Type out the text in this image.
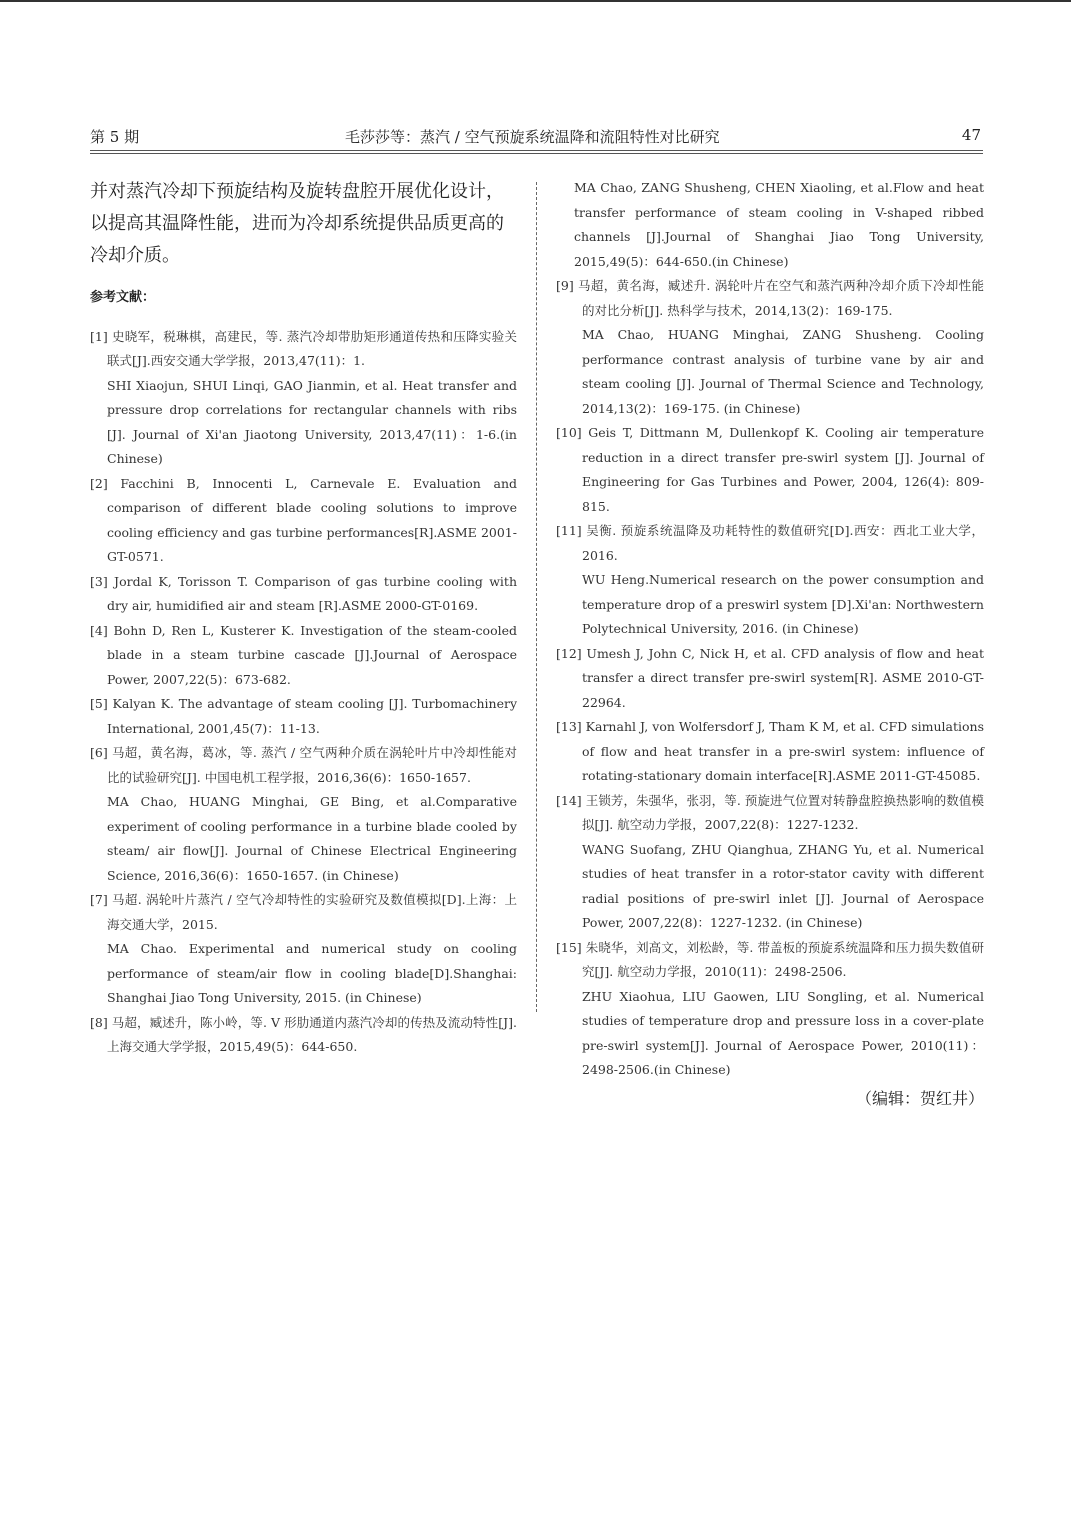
第 5 期	毛莎莎等：蒸汽 / 空气预旋系统温降和流阻特性对比研究	47

并对蒸汽冷却下预旋结构及旋转盘腔开展优化设计，以提高其温降性能，进而为冷却系统提供品质更高的冷却介质。

参考文献：

[1] 史晓军，税琳棋，高建民，等. 蒸汽冷却带肋矩形通道传热和压降实验关联式[J].西安交通大学学报，2013,47(11)：1.

SHI Xiaojun, SHUI Linqi, GAO Jianmin, et al. Heat transfer and pressure drop correlations for rectangular channels with ribs [J]. Journal of Xi'an Jiaotong University, 2013,47(11)：1-6.(in Chinese)

[2] Facchini B, Innocenti L, Carnevale E. Evaluation and comparison of different blade cooling solutions to improve cooling efficiency and gas turbine performances[R].ASME 2001-GT-0571.

[3] Jordal K, Torisson T. Comparison of gas turbine cooling with dry air, humidified air and steam [R].ASME 2000-GT-0169.

[4] Bohn D, Ren L, Kusterer K. Investigation of the steam-cooled blade in a steam turbine cascade [J].Journal of Aerospace Power, 2007,22(5)：673-682.

[5] Kalyan K. The advantage of steam cooling [J]. Turbomachinery International, 2001,45(7)：11-13.

[6] 马超，黄名海，葛冰，等. 蒸汽 / 空气两种介质在涡轮叶片中冷却性能对比的试验研究[J]. 中国电机工程学报，2016,36(6)：1650-1657.

MA Chao, HUANG Minghai, GE Bing, et al.Comparative experiment of cooling performance in a turbine blade cooled by steam/ air flow[J]. Journal of Chinese Electrical Engineering Science, 2016,36(6)：1650-1657. (in Chinese)

[7] 马超. 涡轮叶片蒸汽 / 空气冷却特性的实验研究及数值模拟[D].上海：上海交通大学，2015.

MA Chao. Experimental and numerical study on cooling performance of steam/air flow in cooling blade[D].Shanghai: Shanghai Jiao Tong University, 2015. (in Chinese)

[8] 马超，臧述升，陈小岭，等. V 形肋通道内蒸汽冷却的传热及流动特性[J]. 上海交通大学学报，2015,49(5)：644-650.

MA Chao, ZANG Shusheng, CHEN Xiaoling, et al.Flow and heat transfer performance of steam cooling in V-shaped ribbed channels [J].Journal of Shanghai Jiao Tong University, 2015,49(5)：644-650.(in Chinese)

[9] 马超，黄名海，臧述升. 涡轮叶片在空气和蒸汽两种冷却介质下冷却性能的对比分析[J]. 热科学与技术，2014,13(2)：169-175.

MA Chao, HUANG Minghai, ZANG Shusheng. Cooling performance contrast analysis of turbine vane by air and steam cooling [J]. Journal of Thermal Science and Technology, 2014,13(2)：169-175. (in Chinese)

[10] Geis T, Dittmann M, Dullenkopf K. Cooling air temperature reduction in a direct transfer pre-swirl system [J]. Journal of Engineering for Gas Turbines and Power, 2004, 126(4): 809-815.

[11] 吴衡. 预旋系统温降及功耗特性的数值研究[D].西安：西北工业大学，2016.

WU Heng.Numerical research on the power consumption and temperature drop of a preswirl system [D].Xi'an: Northwestern Polytechnical University, 2016. (in Chinese)

[12] Umesh J, John C, Nick H, et al. CFD analysis of flow and heat transfer a direct transfer pre-swirl system[R]. ASME 2010-GT-22964.

[13] Karnahl J, von Wolfersdorf J, Tham K M, et al. CFD simulations of flow and heat transfer in a pre-swirl system: influence of rotating-stationary domain interface[R].ASME 2011-GT-45085.

[14] 王锁芳，朱强华，张羽，等. 预旋进气位置对转静盘腔换热影响的数值模拟[J]. 航空动力学报，2007,22(8)：1227-1232.

WANG Suofang, ZHU Qianghua, ZHANG Yu, et al. Numerical studies of heat transfer in a rotor-stator cavity with different radial positions of pre-swirl inlet [J]. Journal of Aerospace Power, 2007,22(8)：1227-1232. (in Chinese)

[15] 朱晓华，刘高文，刘松龄，等. 带盖板的预旋系统温降和压力损失数值研究[J]. 航空动力学报，2010(11)：2498-2506.

ZHU Xiaohua, LIU Gaowen, LIU Songling, et al. Numerical studies of temperature drop and pressure loss in a cover-plate pre-swirl system[J]. Journal of Aerospace Power, 2010(11)：2498-2506.(in Chinese)

（编辑：贺红井）
